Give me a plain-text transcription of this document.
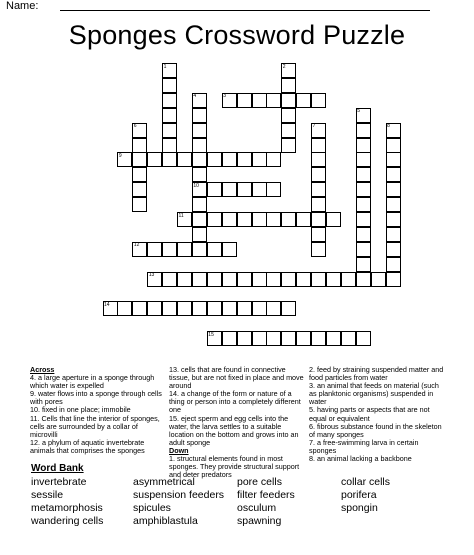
Name:
Sponges Crossword Puzzle
1	2
3
4
5
6	7	8
9
10
11
12
13
14
15
Across
4. a large aperture in a sponge through which water is expelled
9. water flows into a sponge through cells with pores
10. fixed in one place; immobile
11. Cells that line the interior of sponges, cells are surrounded by a collar of microvilli
12. a phylum of aquatic invertebrate animals that comprises the sponges
13. cells that are found in connective tissue, but are not fixed in place and move around
14. a change of the form or nature of a thing or person into a completely different one
15. eject sperm and egg cells into the water, the larva settles to a suitable location on the bottom and grows into an adult sponge
Down
1. structural elements found in most sponges. They provide structural support and deter predators
2. feed by straining suspended matter and food particles from water
3. an animal that feeds on material (such as planktonic organisms) suspended in water
5. having parts or aspects that are not equal or equivalent
6. fibrous substance found in the skeleton of many sponges
7. a free-swimming larva in certain sponges
8. an animal lacking a backbone
Word Bank
invertebrate
sessile
metamorphosis
wandering cells
asymmetrical
suspension feeders
spicules
amphiblastula
pore cells
filter feeders
osculum
spawning
collar cells
porifera
spongin
